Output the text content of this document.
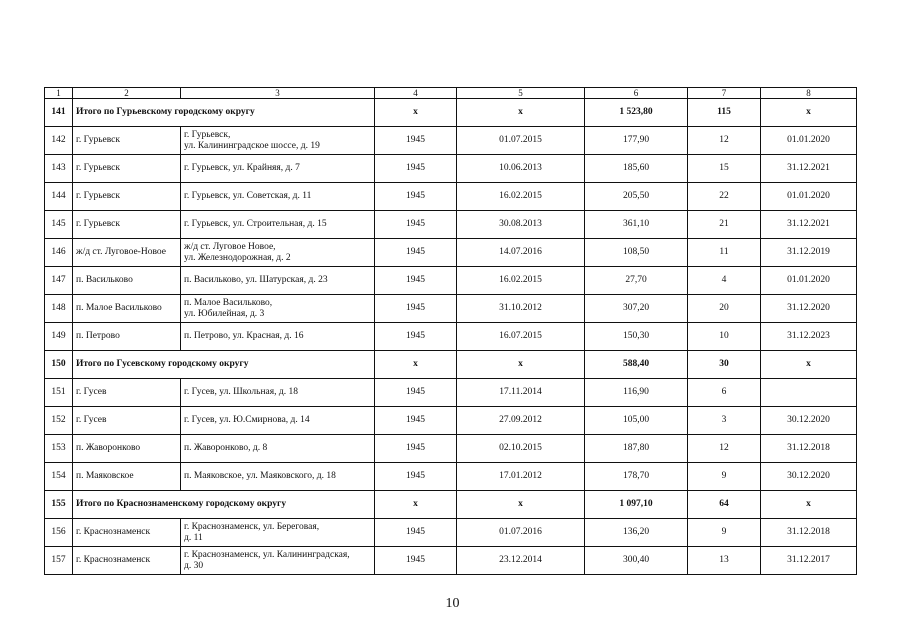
1	2	3	4	5	6	7	8
141	Итого по Гурьевскому городскому округу		х	х	1 523,80	115	х
142	г. Гурьевск	г. Гурьевск,
ул. Калининградское шоссе, д. 19	1945	01.07.2015	177,90	12	01.01.2020
143	г. Гурьевск	г. Гурьевск, ул. Крайняя, д. 7	1945	10.06.2013	185,60	15	31.12.2021
144	г. Гурьевск	г. Гурьевск, ул. Советская, д. 11	1945	16.02.2015	205,50	22	01.01.2020
145	г. Гурьевск	г. Гурьевск, ул. Строительная, д. 15	1945	30.08.2013	361,10	21	31.12.2021
146	ж/д ст. Луговое-Новое	ж/д ст. Луговое Новое,
ул. Железнодорожная, д. 2	1945	14.07.2016	108,50	11	31.12.2019
147	п. Васильково	п. Васильково, ул. Шатурская, д. 23	1945	16.02.2015	27,70	4	01.01.2020
148	п. Малое Васильково	п. Малое Васильково,
ул. Юбилейная, д. 3	1945	31.10.2012	307,20	20	31.12.2020
149	п. Петрово	п. Петрово, ул. Красная, д. 16	1945	16.07.2015	150,30	10	31.12.2023
150	Итого по Гусевскому городскому округу		х	х	588,40	30	х
151	г. Гусев	г. Гусев, ул. Школьная, д. 18	1945	17.11.2014	116,90	6	
152	г. Гусев	г. Гусев, ул. Ю.Смирнова, д. 14	1945	27.09.2012	105,00	3	30.12.2020
153	п. Жаворонково	п. Жаворонково, д. 8	1945	02.10.2015	187,80	12	31.12.2018
154	п. Маяковское	п. Маяковское, ул. Маяковского, д. 18	1945	17.01.2012	178,70	9	30.12.2020
155	Итого по Краснознаменскому городскому округу		х	х	1 097,10	64	х
156	г. Краснознаменск	г. Краснознаменск, ул. Береговая,
д. 11	1945	01.07.2016	136,20	9	31.12.2018
157	г. Краснознаменск	г. Краснознаменск, ул. Калининградская,
д. 30	1945	23.12.2014	300,40	13	31.12.2017
10
